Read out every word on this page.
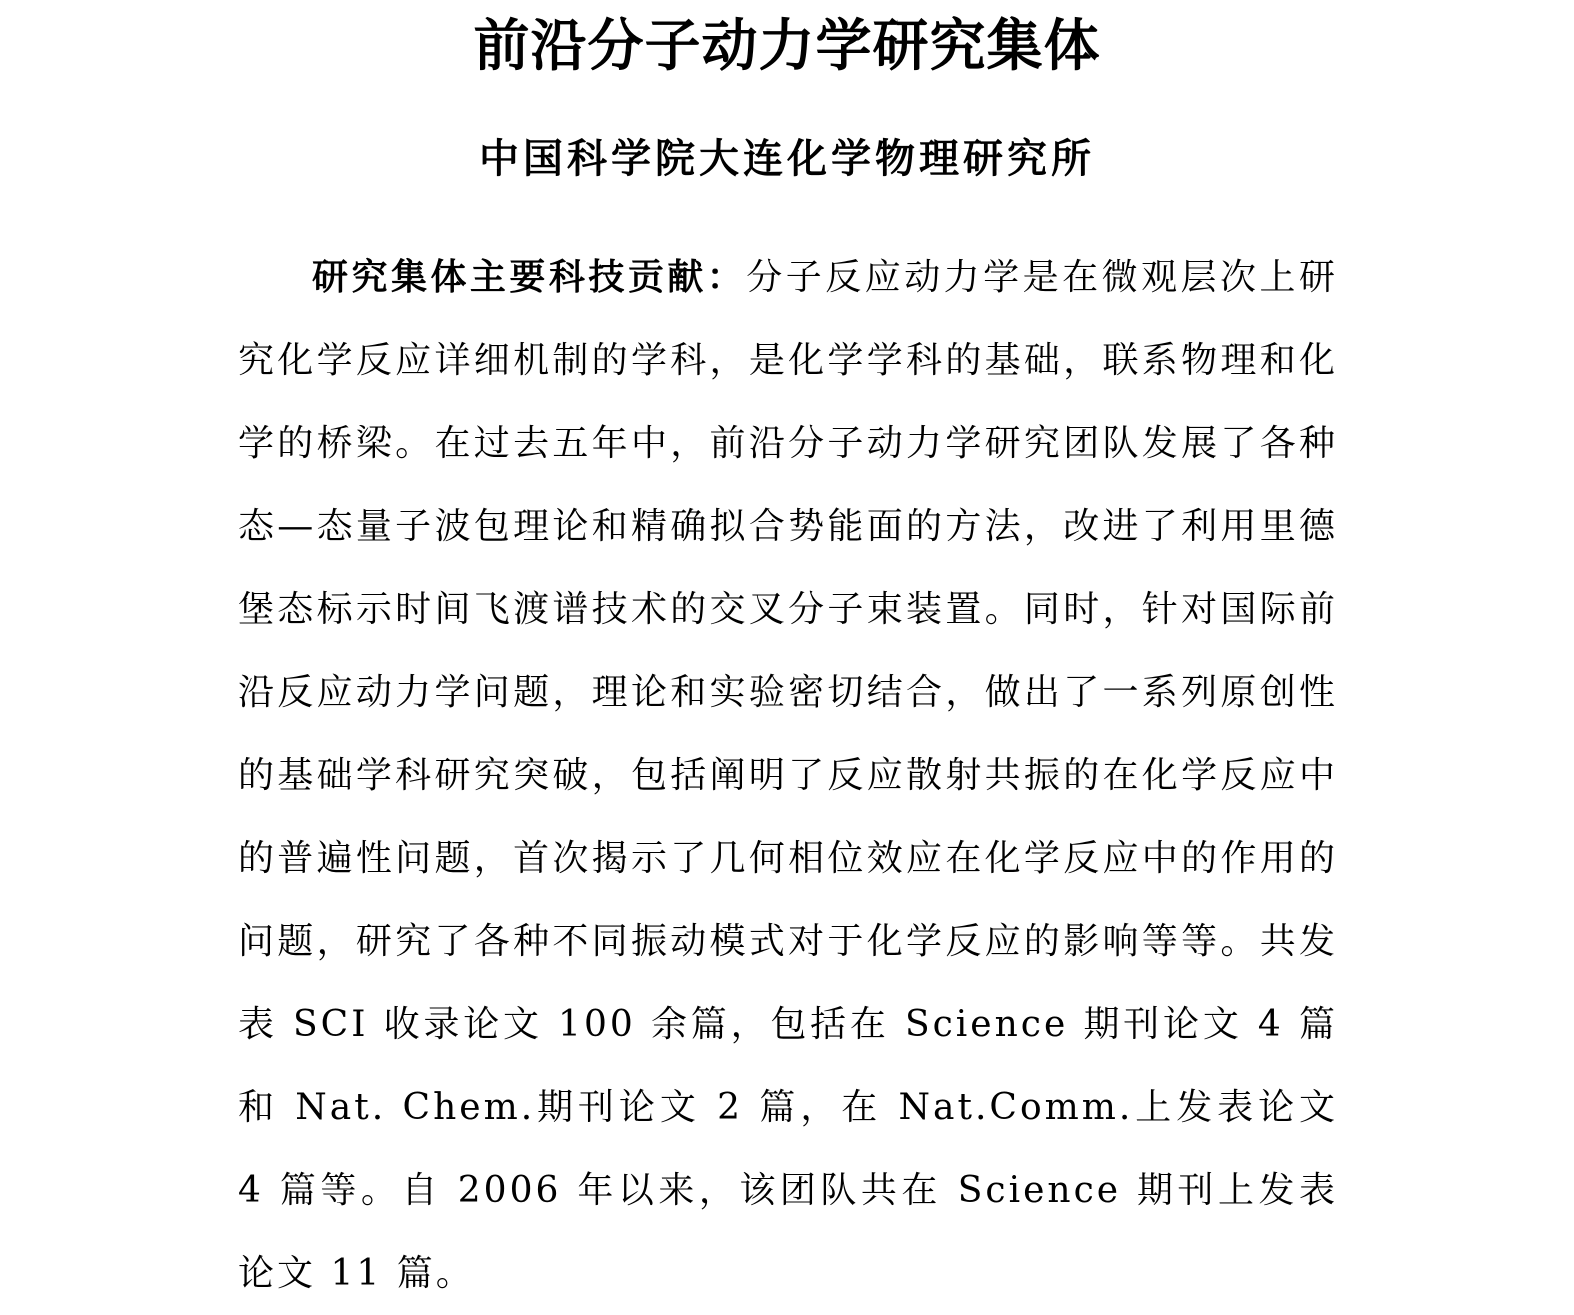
前沿分子动力学研究集体
中国科学院大连化学物理研究所

研究集体主要科技贡献：分子反应动力学是在微观层次上研究化学反应详细机制的学科，是化学学科的基础，联系物理和化学的桥梁。在过去五年中，前沿分子动力学研究团队发展了各种态—态量子波包理论和精确拟合势能面的方法，改进了利用里德堡态标示时间飞渡谱技术的交叉分子束装置。同时，针对国际前沿反应动力学问题，理论和实验密切结合，做出了一系列原创性的基础学科研究突破，包括阐明了反应散射共振的在化学反应中的普遍性问题，首次揭示了几何相位效应在化学反应中的作用的问题，研究了各种不同振动模式对于化学反应的影响等等。共发表 SCI 收录论文 100 余篇，包括在 Science 期刊论文 4 篇和 Nat. Chem.期刊论文 2 篇，在 Nat.Comm.上发表论文 4 篇等。自 2006 年以来，该团队共在 Science 期刊上发表论文 11 篇。
